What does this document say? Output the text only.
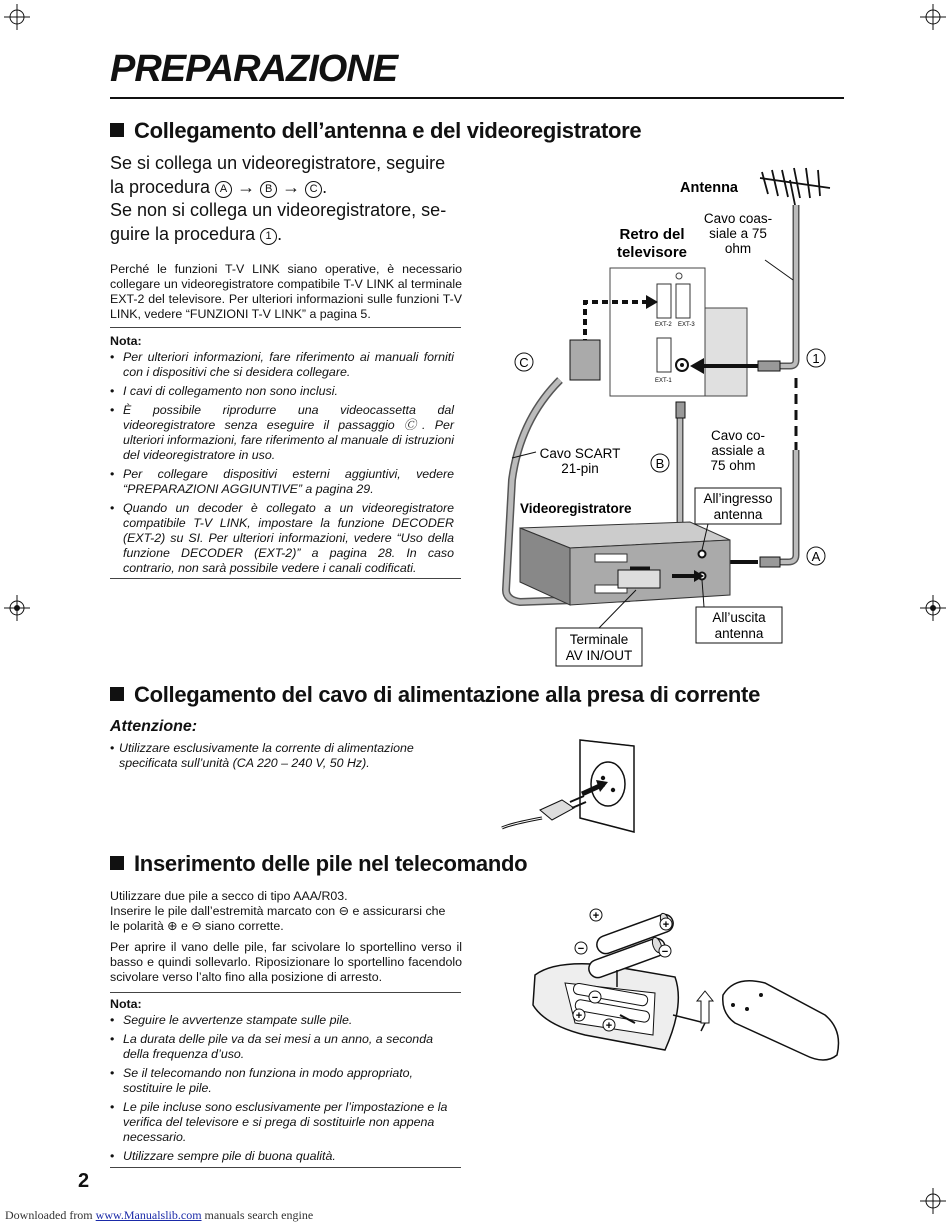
PREPARAZIONE
Collegamento dell’antenna e del videoregistratore
Se si collega un videoregistratore, seguire
la procedura A → B → C .
Se non si collega un videoregistratore, se-
guire la procedura 1 .
Perché le funzioni T-V LINK siano operative, è necessario collegare un videoregistratore compatibile T-V LINK al terminale EXT-2 del televisore. Per ulteriori informazioni sulle funzioni T-V LINK, vedere “FUNZIONI T-V LINK” a pagina 5.
Nota:
• Per ulteriori informazioni, fare riferimento ai manuali forniti con i dispositivi che si desidera collegare.
• I cavi di collegamento non sono inclusi.
• È possibile riprodurre una videocassetta dal videoregistratore senza eseguire il passaggio Ⓒ. Per ulteriori informazioni, fare riferimento al manuale di istruzioni del videoregistratore in uso.
• Per collegare dispositivi esterni aggiuntivi, vedere “PREPARAZIONI AGGIUNTIVE” a pagina 29.
• Quando un decoder è collegato a un videoregistratore compatibile T-V LINK, impostare la funzione DECODER (EXT-2) su SI. Per ulteriori informazioni, vedere “Uso della funzione DECODER (EXT-2)” a pagina 28. In caso contrario, non sarà possibile vedere i canali codificati.
Antenna
Cavo coas-
siale a 75
ohm
Retro del
televisore
EXT-2 EXT-3
EXT-1
C	1
B
A
Cavo SCART
21-pin
Cavo co-
assiale a
75 ohm
Videoregistratore
All’ingresso
antenna
All’uscita
antenna
Terminale
AV IN/OUT
Collegamento del cavo di alimentazione alla presa di corrente
Attenzione:
• Utilizzare esclusivamente la corrente di alimentazione specificata sull’unità (CA 220 – 240 V, 50 Hz).
Inserimento delle pile nel telecomando
Utilizzare due pile a secco di tipo AAA/R03.
Inserire le pile dall’estremità marcato con ⊖ e assicurarsi che
le polarità ⊕ e ⊖ siano corrette.
Per aprire il vano delle pile, far scivolare lo sportellino verso il basso e quindi sollevarlo. Riposizionare lo sportellino facendolo scivolare verso l’alto fino alla posizione di arresto.
Nota:
• Seguire le avvertenze stampate sulle pile.
• La durata delle pile va da sei mesi a un anno, a seconda della frequenza d’uso.
• Se il telecomando non funziona in modo appropriato, sostituire le pile.
• Le pile incluse sono esclusivamente per l’impostazione e la verifica del televisore e si prega di sostituirle non appena necessario.
• Utilizzare sempre pile di buona qualità.
+
+
−	−
−
+
+
2
Downloaded from www.Manualslib.com manuals search engine
